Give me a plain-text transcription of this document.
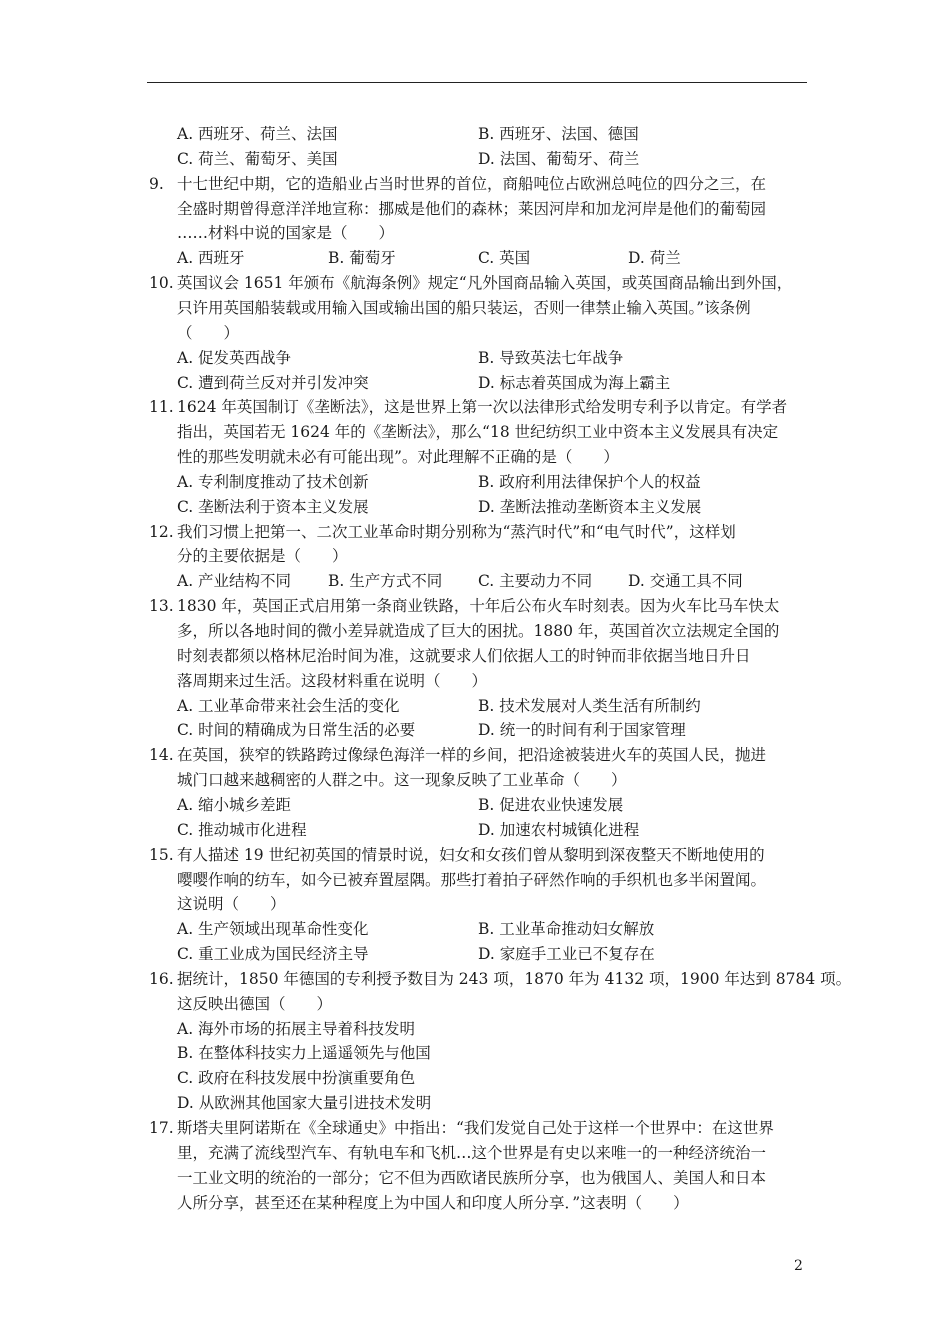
A. 西班牙、荷兰、法国	B. 西班牙、法国、德国
C. 荷兰、葡萄牙、美国	D. 法国、葡萄牙、荷兰
9. 十七世纪中期，它的造船业占当时世界的首位，商船吨位占欧洲总吨位的四分之三，在
全盛时期曾得意洋洋地宣称：挪威是他们的森林；莱因河岸和加龙河岸是他们的葡萄园
……材料中说的国家是（　　）
A. 西班牙	B. 葡萄牙	C. 英国	D. 荷兰
10. 英国议会 1651 年颁布《航海条例》规定“凡外国商品输入英国，或英国商品输出到外国，
只许用英国船装载或用输入国或输出国的船只装运，否则一律禁止输入英国。”该条例
（　　）
A. 促发英西战争	B. 导致英法七年战争
C. 遭到荷兰反对并引发冲突	D. 标志着英国成为海上霸主
11. 1624 年英国制订《垄断法》，这是世界上第一次以法律形式给发明专利予以肯定。有学者
指出，英国若无 1624 年的《垄断法》，那么“18 世纪纺织工业中资本主义发展具有决定
性的那些发明就未必有可能出现”。对此理解不正确的是（　　）
A. 专利制度推动了技术创新	B. 政府利用法律保护个人的权益
C. 垄断法利于资本主义发展	D. 垄断法推动垄断资本主义发展
12. 我们习惯上把第一、二次工业革命时期分别称为“蒸汽时代”和“电气时代”，这样划
分的主要依据是（　　）
A. 产业结构不同 B. 生产方式不同 C. 主要动力不同 D. 交通工具不同
13. 1830 年，英国正式启用第一条商业铁路，十年后公布火车时刻表。因为火车比马车快太
多，所以各地时间的微小差异就造成了巨大的困扰。1880 年，英国首次立法规定全国的
时刻表都须以格林尼治时间为准，这就要求人们依据人工的时钟而非依据当地日升日
落周期来过生活。这段材料重在说明（　　）
A. 工业革命带来社会生活的变化	B. 技术发展对人类生活有所制约
C. 时间的精确成为日常生活的必要	D. 统一的时间有利于国家管理
14. 在英国，狭窄的铁路跨过像绿色海洋一样的乡间，把沿途被装进火车的英国人民，抛进
城门口越来越稠密的人群之中。这一现象反映了工业革命（　　）
A. 缩小城乡差距	B. 促进农业快速发展
C. 推动城市化进程	D. 加速农村城镇化进程
15. 有人描述 19 世纪初英国的情景时说，妇女和女孩们曾从黎明到深夜整天不断地使用的
嘤嘤作响的纺车，如今已被弃置屋隅。那些打着拍子砰然作响的手织机也多半闲置闻。
这说明（　　）
A. 生产领域出现革命性变化	B. 工业革命推动妇女解放
C. 重工业成为国民经济主导	D. 家庭手工业已不复存在
16. 据统计，1850 年德国的专利授予数目为 243 项，1870 年为 4132 项，1900 年达到 8784 项。
这反映出德国（　　）
A. 海外市场的拓展主导着科技发明
B. 在整体科技实力上遥遥领先与他国
C. 政府在科技发展中扮演重要角色
D. 从欧洲其他国家大量引进技术发明
17. 斯塔夫里阿诺斯在《全球通史》中指出：“我们发觉自己处于这样一个世界中：在这世界
里，充满了流线型汽车、有轨电车和飞机…这个世界是有史以来唯一的一种经济统治一
一工业文明的统治的一部分；它不但为西欧诸民族所分享，也为俄国人、美国人和日本
人所分享，甚至还在某种程度上为中国人和印度人所分享．”这表明（　　）
2
